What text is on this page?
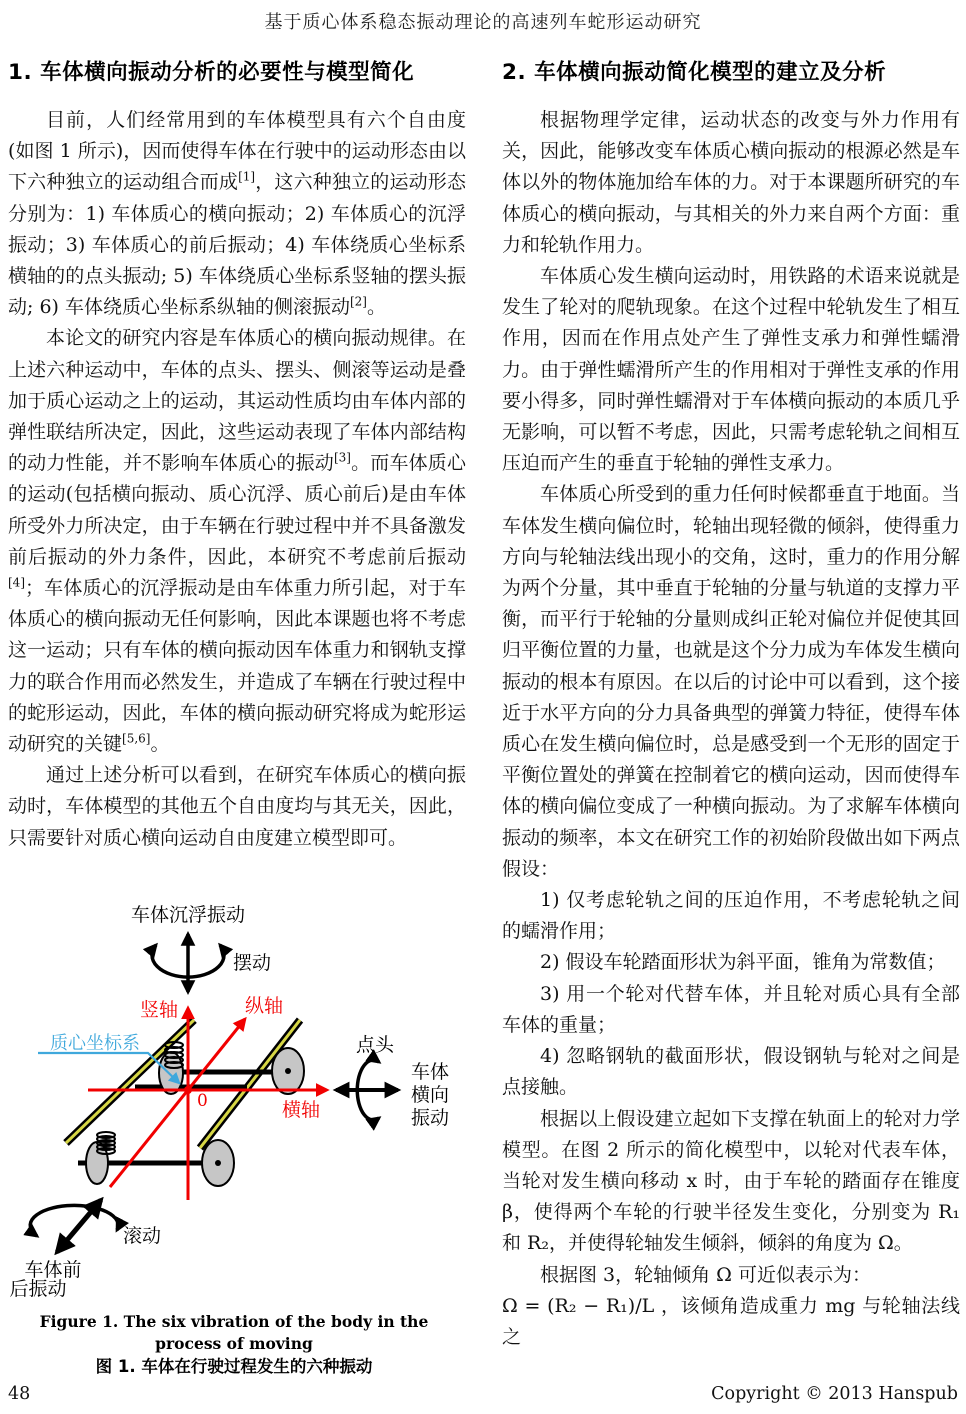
基于质心体系稳态振动理论的高速列车蛇形运动研究
1. 车体横向振动分析的必要性与模型简化

目前，人们经常用到的车体模型具有六个自由度(如图 1 所示)，因而使得车体在行驶中的运动形态由以下六种独立的运动组合而成[1]，这六种独立的运动形态分别为：1) 车体质心的横向振动；2) 车体质心的沉浮振动；3) 车体质心的前后振动；4) 车体绕质心坐标系横轴的的点头振动; 5) 车体绕质心坐标系竖轴的摆头振动; 6) 车体绕质心坐标系纵轴的侧滚振动[2]。

本论文的研究内容是车体质心的横向振动规律。在上述六种运动中，车体的点头、摆头、侧滚等运动是叠加于质心运动之上的运动，其运动性质均由车体内部的弹性联结所决定，因此，这些运动表现了车体内部结构的动力性能，并不影响车体质心的振动[3]。而车体质心的运动(包括横向振动、质心沉浮、质心前后)是由车体所受外力所决定，由于车辆在行驶过程中并不具备激发前后振动的外力条件，因此，本研究不考虑前后振动[4]；车体质心的沉浮振动是由车体重力所引起，对于车体质心的横向振动无任何影响，因此本课题也将不考虑这一运动；只有车体的横向振动因车体重力和钢轨支撑力的联合作用而必然发生，并造成了车辆在行驶过程中的蛇形运动，因此，车体的横向振动研究将成为蛇形运动研究的关键[5,6]。

通过上述分析可以看到，在研究车体质心的横向振动时，车体模型的其他五个自由度均与其无关，因此，只需要针对质心横向运动自由度建立模型即可。

2. 车体横向振动简化模型的建立及分析

根据物理学定律，运动状态的改变与外力作用有关，因此，能够改变车体质心横向振动的根源必然是车体以外的物体施加给车体的力。对于本课题所研究的车体质心的横向振动，与其相关的外力来自两个方面：重力和轮轨作用力。

车体质心发生横向运动时，用铁路的术语来说就是发生了轮对的爬轨现象。在这个过程中轮轨发生了相互作用，因而在作用点处产生了弹性支承力和弹性蠕滑力。由于弹性蠕滑所产生的作用相对于弹性支承的作用要小得多，同时弹性蠕滑对于车体横向振动的本质几乎无影响，可以暂不考虑，因此，只需考虑轮轨之间相互压迫而产生的垂直于轮轴的弹性支承力。

车体质心所受到的重力任何时候都垂直于地面。当车体发生横向偏位时，轮轴出现轻微的倾斜，使得重力方向与轮轴法线出现小的交角，这时，重力的作用分解为两个分量，其中垂直于轮轴的分量与轨道的支撑力平衡，而平行于轮轴的分量则成纠正轮对偏位并促使其回归平衡位置的力量，也就是这个分力成为车体发生横向振动的根本有原因。在以后的讨论中可以看到，这个接近于水平方向的分力具备典型的弹簧力特征，使得车体质心在发生横向偏位时，总是感受到一个无形的固定于平衡位置处的弹簧在控制着它的横向运动，因而使得车体的横向偏位变成了一种横向振动。为了求解车体横向振动的频率，本文在研究工作的初始阶段做出如下两点假设：

1) 仅考虑轮轨之间的压迫作用，不考虑轮轨之间的蠕滑作用；

2) 假设车轮踏面形状为斜平面，锥角为常数值；

3) 用一个轮对代替车体，并且轮对质心具有全部车体的重量；

4) 忽略钢轨的截面形状，假设钢轨与轮对之间是点接触。

根据以上假设建立起如下支撑在轨面上的轮对力学模型。在图 2 所示的简化模型中，以轮对代表车体，当轮对发生横向移动 x 时，由于车轮的踏面存在锥度 β，使得两个车轮的行驶半径发生变化，分别变为 R₁ 和 R₂，并使得轮轴发生倾斜，倾斜的角度为 Ω。

根据图 3，轮轴倾角 Ω 可近似表示为：

Ω = (R₂ − R₁)/L ，该倾角造成重力 mg 与轮轴法线之

车体沉浮振动
摆动
竖轴	纵轴
质心坐标系
0	横轴
点头
车体
横向
振动
滚动
车体前
后振动
Figure 1. The six vibration of the body in the process of moving
图 1. 车体在行驶过程发生的六种振动
48	Copyright © 2013 Hanspub
